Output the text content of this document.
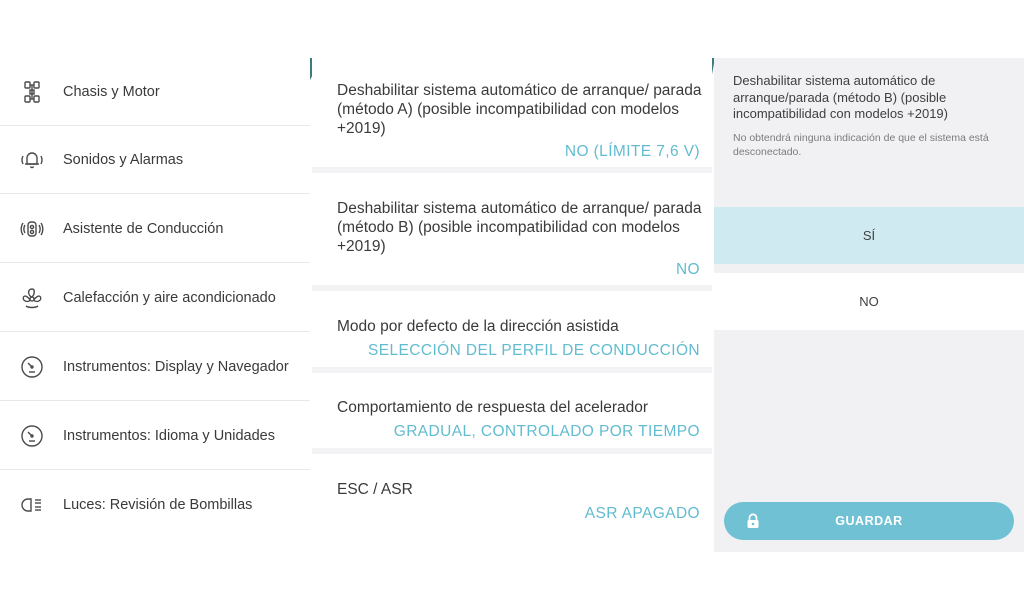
Chasis y Motor
Sonidos y Alarmas
Asistente de Conducción
Calefacción y aire acondicionado
Instrumentos: Display y Navegador
Instrumentos: Idioma y Unidades
Luces: Revisión de Bombillas
Deshabilitar sistema automático de arranque/ parada (método A) (posible incompatibilidad con modelos +2019)
NO (LÍMITE 7,6 V)
Deshabilitar sistema automático de arranque/ parada (método B) (posible incompatibilidad con modelos +2019)
NO
Modo por defecto de la dirección asistida
SELECCIÓN DEL PERFIL DE CONDUCCIÓN
Comportamiento de respuesta del acelerador
GRADUAL, CONTROLADO POR TIEMPO
ESC / ASR
ASR APAGADO
Deshabilitar sistema automático de arranque/parada (método B) (posible incompatibilidad con modelos +2019)
No obtendrá ninguna indicación de que el sistema está desconectado.
SÍ
NO
GUARDAR
